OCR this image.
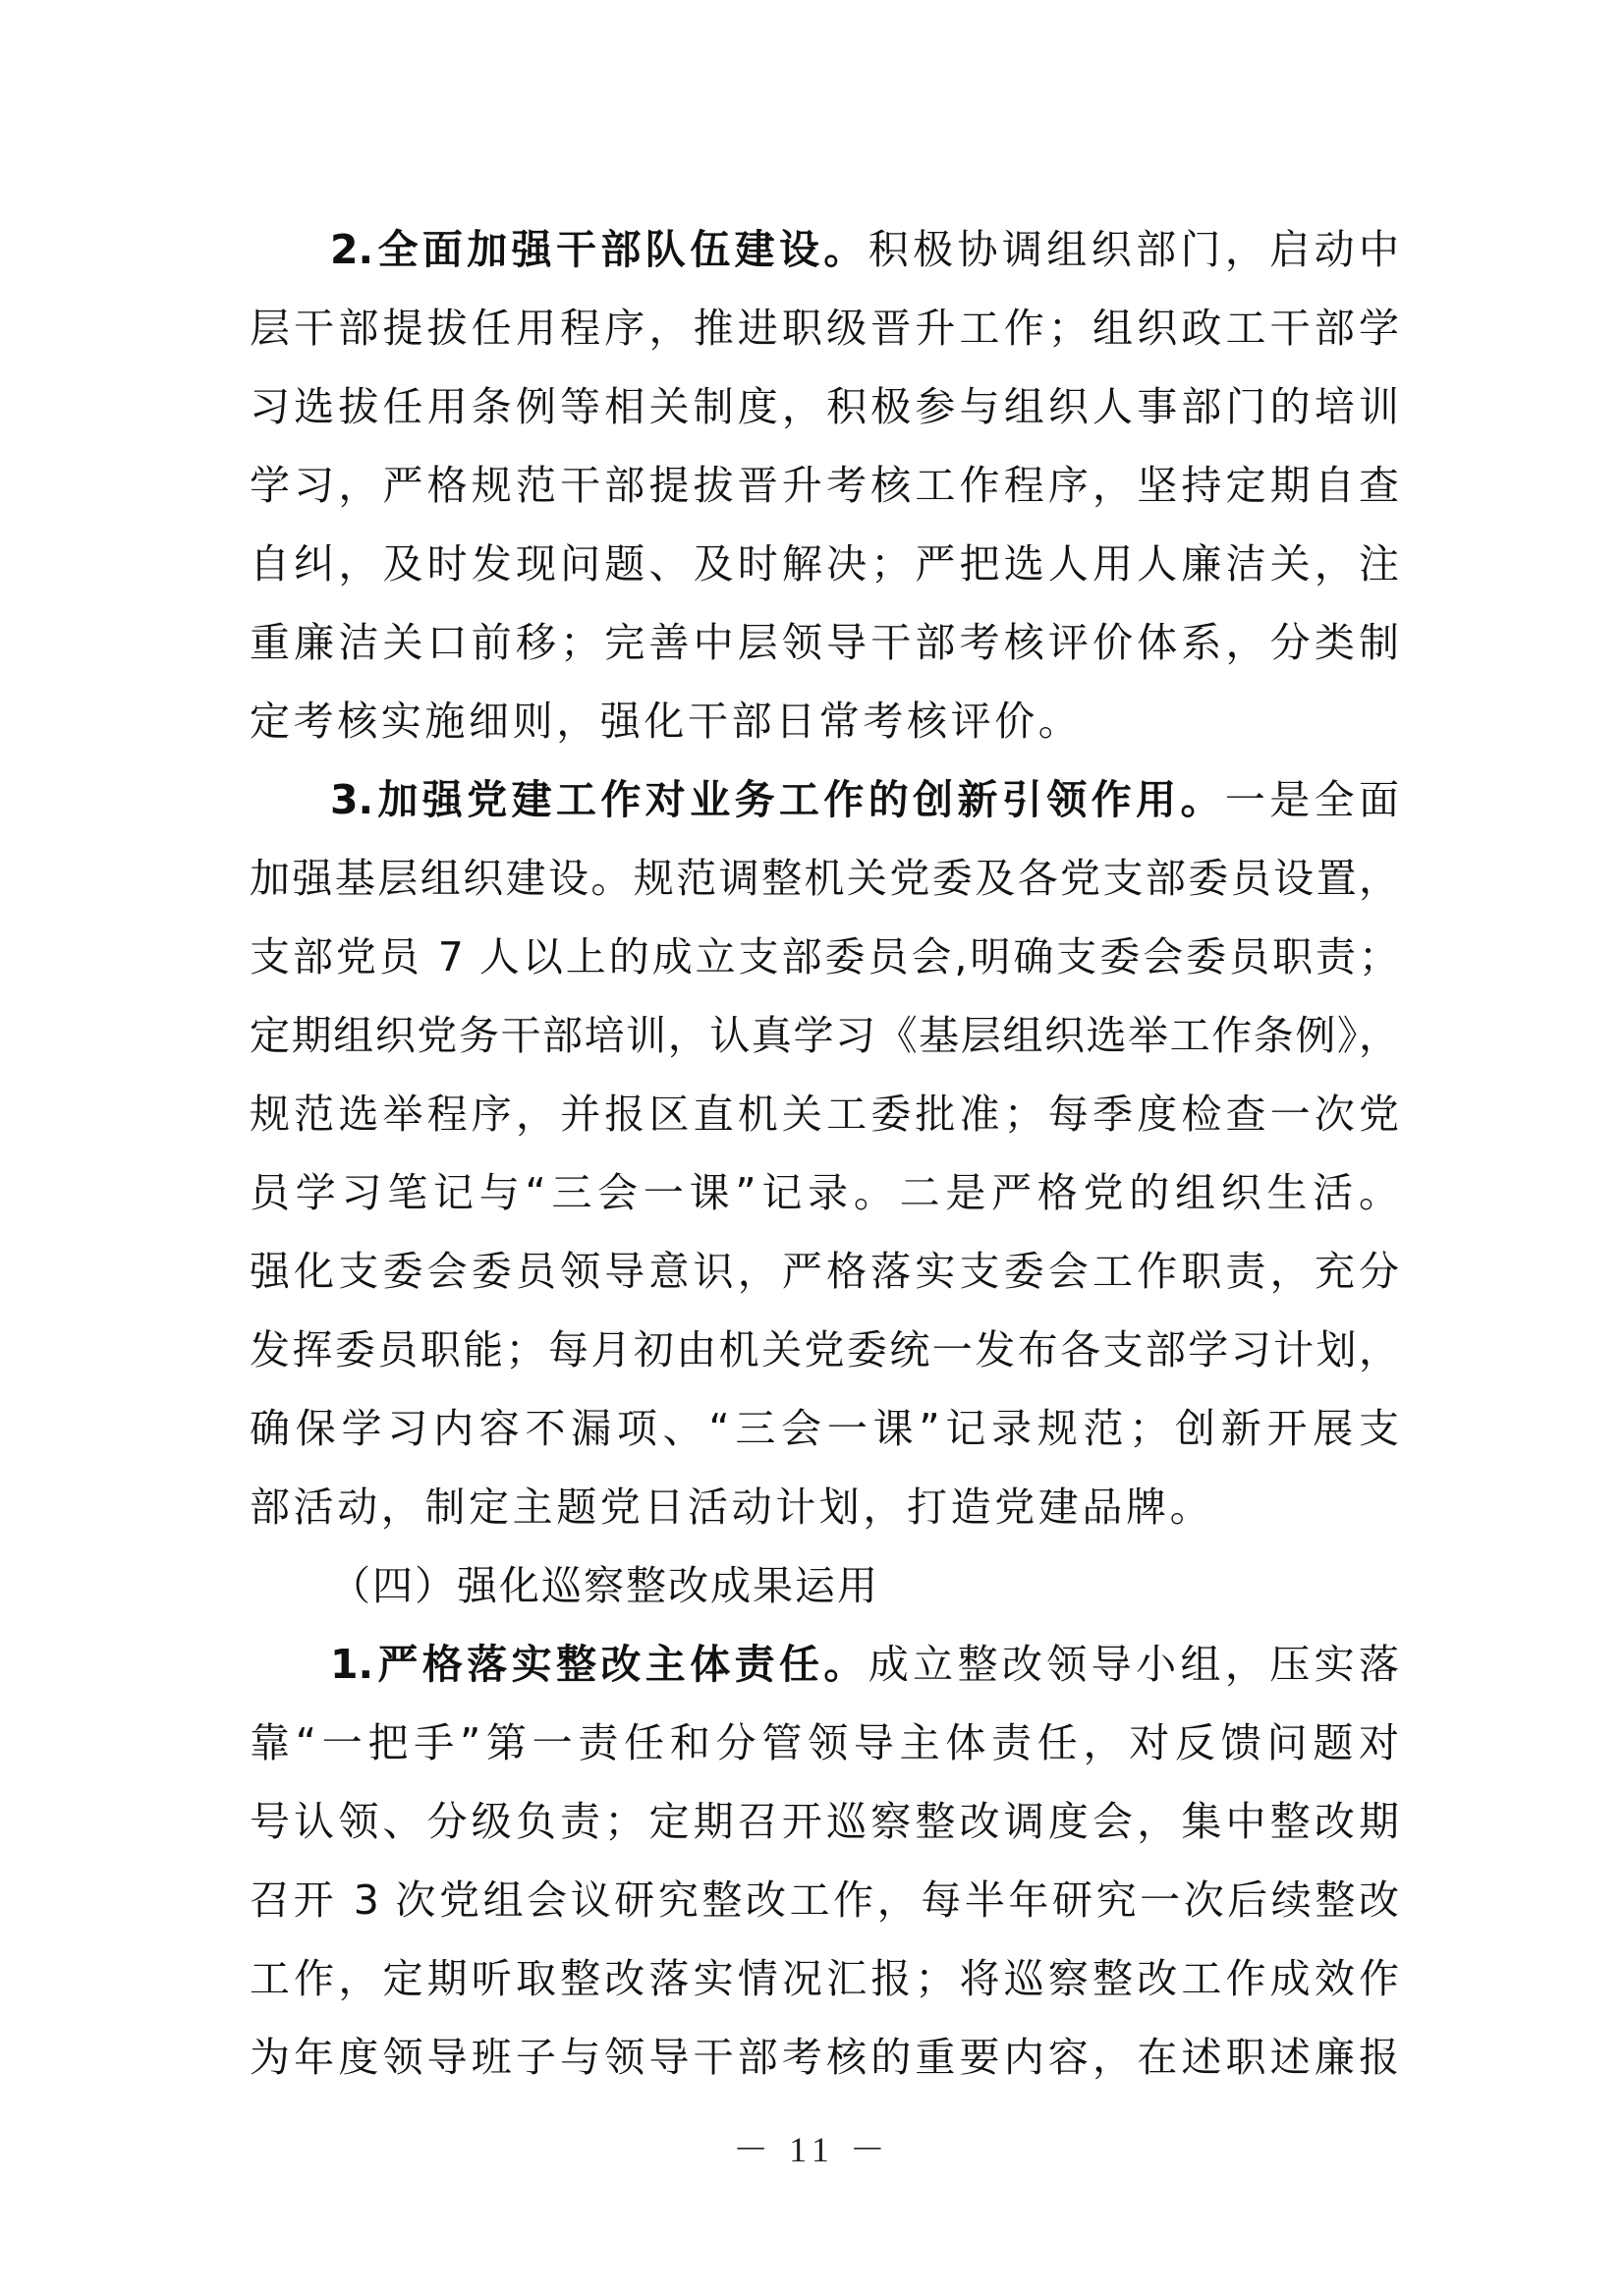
2.全面加强干部队伍建设。积极协调组织部门，启动中
层干部提拔任用程序，推进职级晋升工作；组织政工干部学
习选拔任用条例等相关制度，积极参与组织人事部门的培训
学习，严格规范干部提拔晋升考核工作程序，坚持定期自查
自纠，及时发现问题、及时解决；严把选人用人廉洁关，注
重廉洁关口前移；完善中层领导干部考核评价体系，分类制
定考核实施细则，强化干部日常考核评价。
3.加强党建工作对业务工作的创新引领作用。一是全面
加强基层组织建设。规范调整机关党委及各党支部委员设置，
支部党员 7 人以上的成立支部委员会,明确支委会委员职责；
定期组织党务干部培训，认真学习《基层组织选举工作条例》，
规范选举程序，并报区直机关工委批准；每季度检查一次党
员学习笔记与“三会一课”记录。二是严格党的组织生活。
强化支委会委员领导意识，严格落实支委会工作职责，充分
发挥委员职能；每月初由机关党委统一发布各支部学习计划，
确保学习内容不漏项、“三会一课”记录规范；创新开展支
部活动，制定主题党日活动计划，打造党建品牌。
（四）强化巡察整改成果运用
1.严格落实整改主体责任。成立整改领导小组，压实落
靠“一把手”第一责任和分管领导主体责任，对反馈问题对
号认领、分级负责；定期召开巡察整改调度会，集中整改期
召开 3 次党组会议研究整改工作，每半年研究一次后续整改
工作，定期听取整改落实情况汇报；将巡察整改工作成效作
为年度领导班子与领导干部考核的重要内容，在述职述廉报
－ 11 －
